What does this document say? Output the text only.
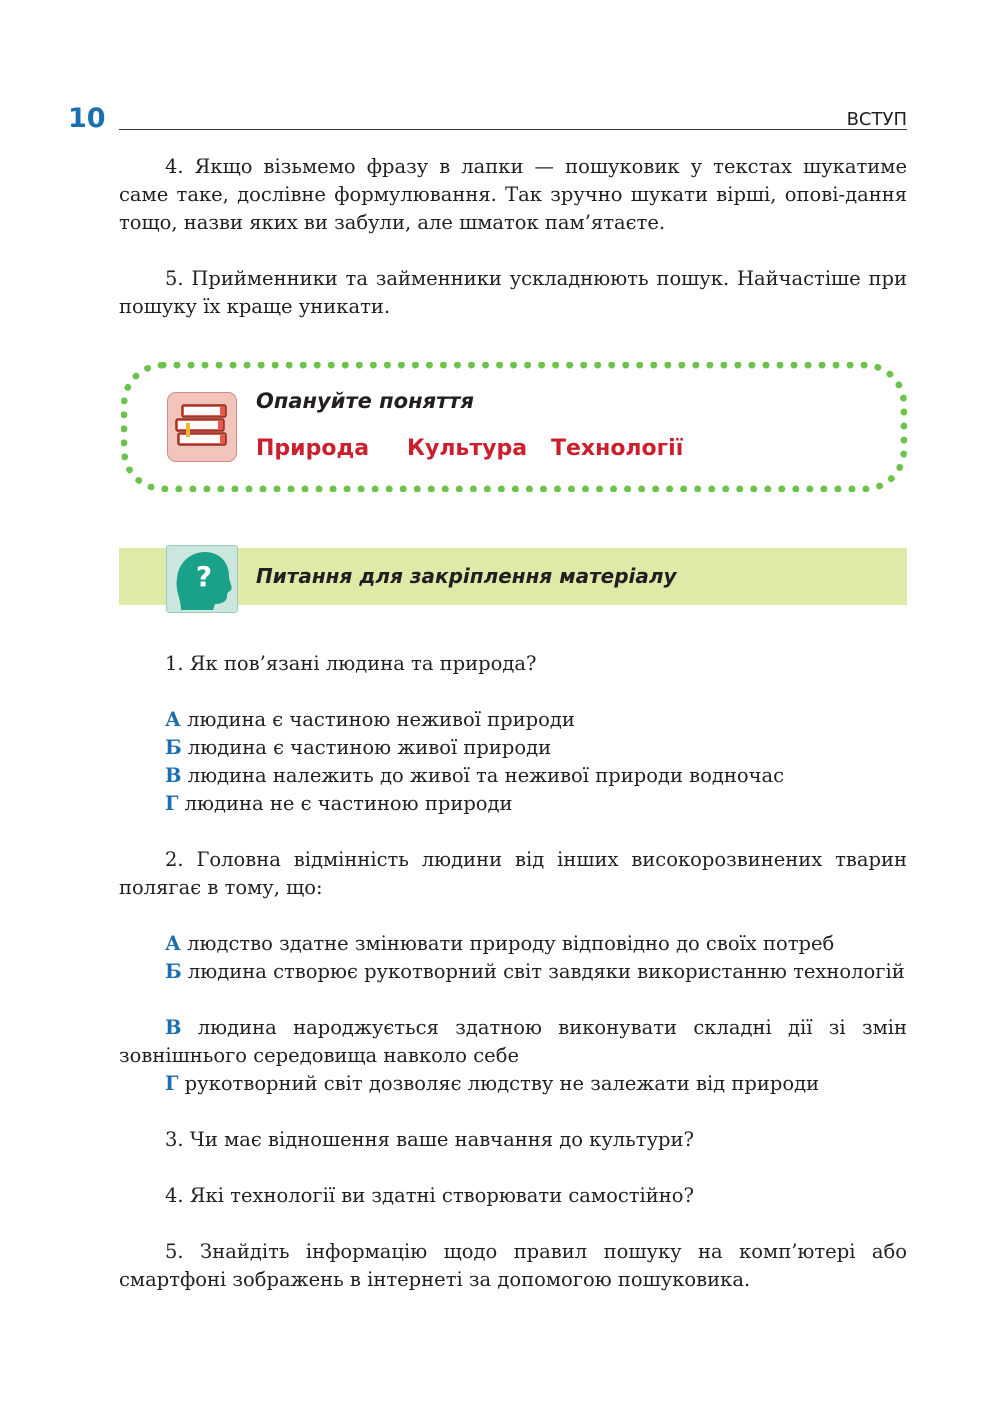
10	ВСТУП

4. Якщо візьмемо фразу в лапки — пошуковик у текстах шукатиме саме таке, дослівне формулювання. Так зручно шукати вірші, опові-дання тощо, назви яких ви забули, але шматок пам’ятаєте.

5. Прийменники та займенники ускладнюють пошук. Найчастіше при пошуку їх краще уникати.

Опануйте поняття
Природа Культура Технології
? Питання для закріплення матеріалу
1. Як пов’язані людина та природа?
А людина є частиною неживої природи
Б людина є частиною живої природи
В людина належить до живої та неживої природи водночас
Г людина не є частиною природи

2. Головна відмінність людини від інших високорозвинених тварин полягає в тому, що:

А людство здатне змінювати природу відповідно до своїх потреб
Б людина створює рукотворний світ завдяки використанню технологій
В людина народжується здатною виконувати складні дії зі змін зовнішнього середовища навколо себе
Г рукотворний світ дозволяє людству не залежати від природи
3. Чи має відношення ваше навчання до культури?
4. Які технології ви здатні створювати самостійно?

5. Знайдіть інформацію щодо правил пошуку на комп’ютері або смартфоні зображень в інтернеті за допомогою пошуковика.
